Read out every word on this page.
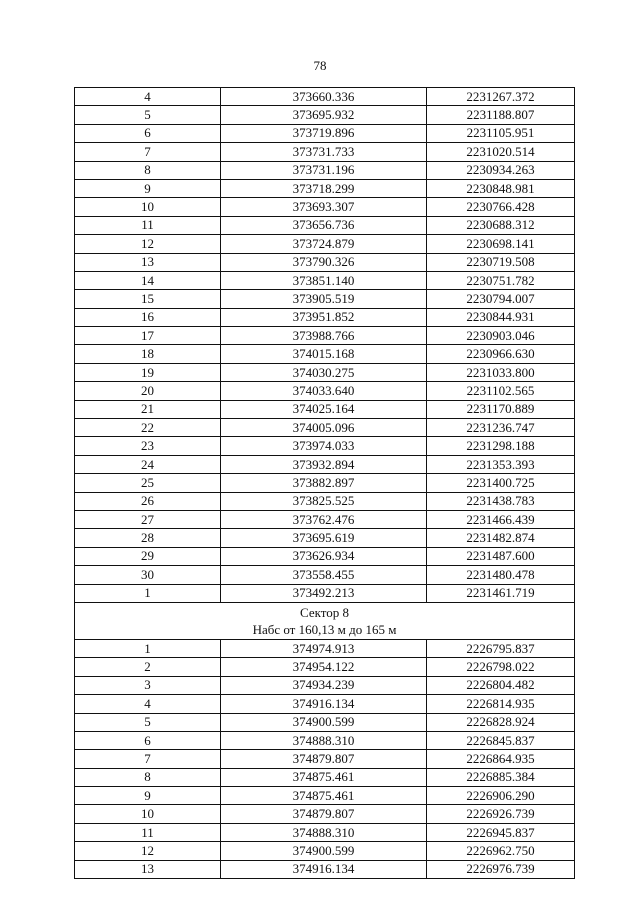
78
4	373660.336	2231267.372
5	373695.932	2231188.807
6	373719.896	2231105.951
7	373731.733	2231020.514
8	373731.196	2230934.263
9	373718.299	2230848.981
10	373693.307	2230766.428
11	373656.736	2230688.312
12	373724.879	2230698.141
13	373790.326	2230719.508
14	373851.140	2230751.782
15	373905.519	2230794.007
16	373951.852	2230844.931
17	373988.766	2230903.046
18	374015.168	2230966.630
19	374030.275	2231033.800
20	374033.640	2231102.565
21	374025.164	2231170.889
22	374005.096	2231236.747
23	373974.033	2231298.188
24	373932.894	2231353.393
25	373882.897	2231400.725
26	373825.525	2231438.783
27	373762.476	2231466.439
28	373695.619	2231482.874
29	373626.934	2231487.600
30	373558.455	2231480.478
1	373492.213	2231461.719

Сектор 8
Набс от 160,13 м до 165 м		

1	374974.913	2226795.837
2	374954.122	2226798.022
3	374934.239	2226804.482
4	374916.134	2226814.935
5	374900.599	2226828.924
6	374888.310	2226845.837
7	374879.807	2226864.935
8	374875.461	2226885.384
9	374875.461	2226906.290
10	374879.807	2226926.739
11	374888.310	2226945.837
12	374900.599	2226962.750
13	374916.134	2226976.739
